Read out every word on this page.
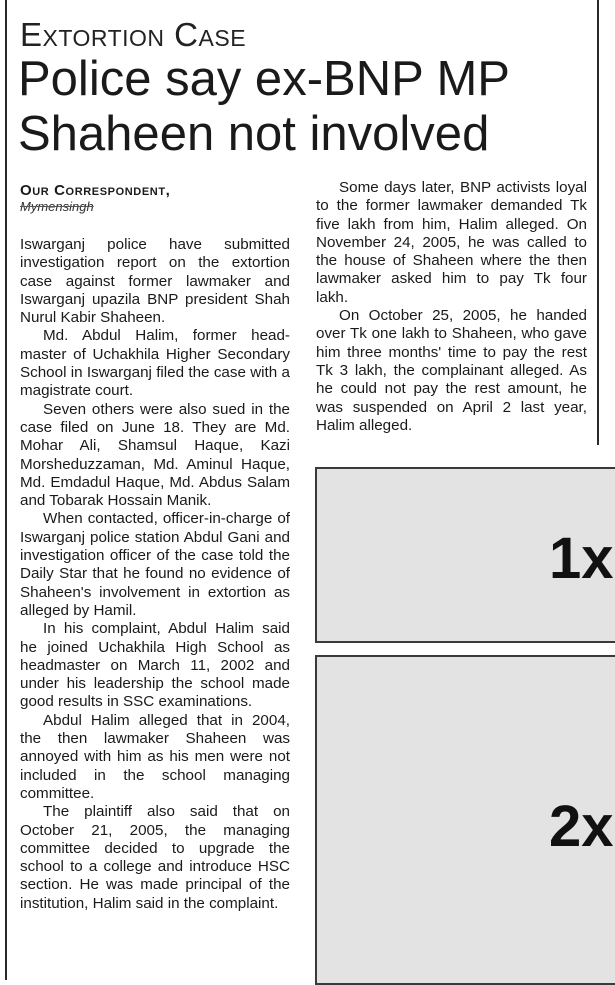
Extortion Case
Police say ex-BNP MP
Shaheen not involved
Our Correspondent,
Mymensingh

Iswarganj police have submitted investigation report on the extortion case against former lawmaker and Iswarganj upazila BNP president Shah Nurul Kabir Shaheen.

Md. Abdul Halim, former head-master of Uchakhila Higher Secondary School in Iswarganj filed the case with a magistrate court.

Seven others were also sued in the case filed on June 18. They are Md. Mohar Ali, Shamsul Haque, Kazi Morsheduzzaman, Md. Aminul Haque, Md. Emdadul Haque, Md. Abdus Salam and Tobarak Hossain Manik.

When contacted, officer-in-charge of Iswarganj police station Abdul Gani and investigation officer of the case told the Daily Star that he found no evidence of Shaheen's involvement in extortion as alleged by Hamil.

In his complaint, Abdul Halim said he joined Uchakhila High School as headmaster on March 11, 2002 and under his leadership the school made good results in SSC examinations.

Abdul Halim alleged that in 2004, the then lawmaker Shaheen was annoyed with him as his men were not included in the school managing committee.

The plaintiff also said that on October 21, 2005, the managing committee decided to upgrade the school to a college and introduce HSC section. He was made principal of the institution, Halim said in the complaint.

Some days later, BNP activists loyal to the former lawmaker demanded Tk five lakh from him, Halim alleged. On November 24, 2005, he was called to the house of Shaheen where the then lawmaker asked him to pay Tk four lakh.

On October 25, 2005, he handed over Tk one lakh to Shaheen, who gave him three months' time to pay the rest Tk 3 lakh, the complainant alleged. As he could not pay the rest amount, he was suspended on April 2 last year, Halim alleged.

1x
2x
